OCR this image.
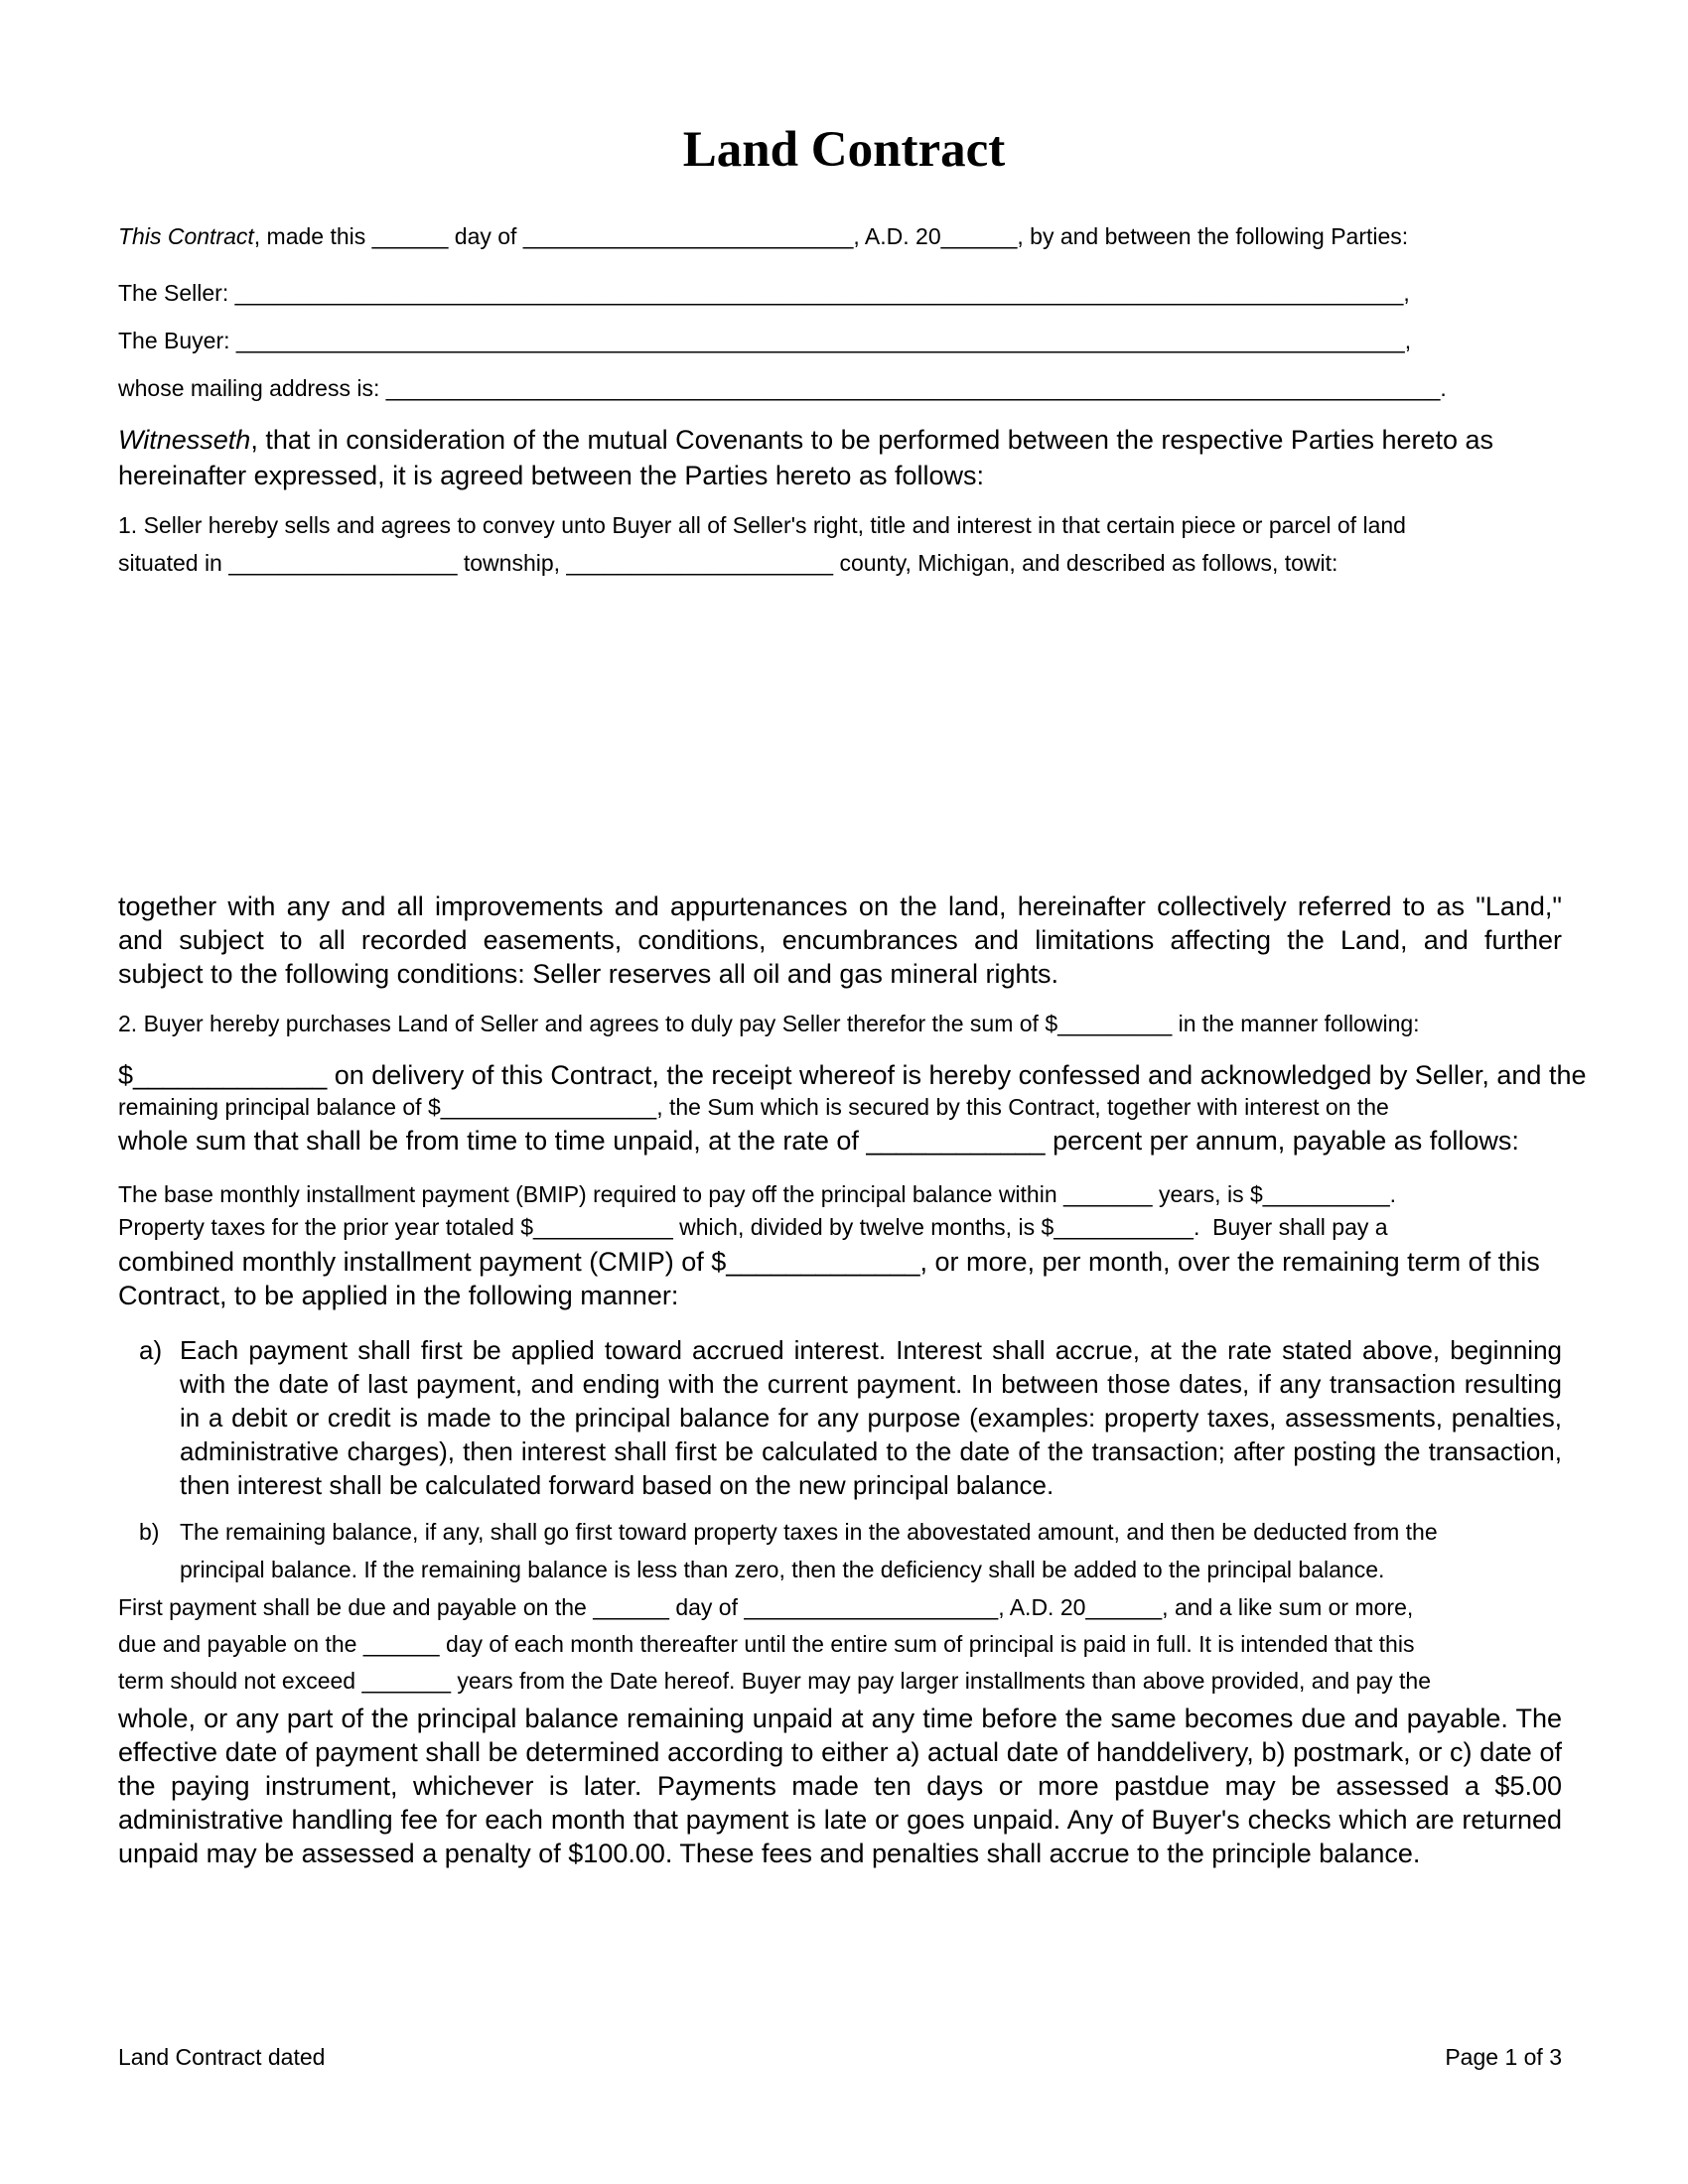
Land Contract
This Contract, made this ______ day of __________________________, A.D. 20______, by and between the following Parties:
The Seller: ____________________________________________________________________________________________,
The Buyer: ____________________________________________________________________________________________,
whose mailing address is: ___________________________________________________________________________________.
Witnesseth, that in consideration of the mutual Covenants to be performed between the respective Parties hereto as
hereinafter expressed, it is agreed between the Parties hereto as follows:
1. Seller hereby sells and agrees to convey unto Buyer all of Seller's right, title and interest in that certain piece or parcel of land
situated in __________________ township, _____________________ county, Michigan, and described as follows, towit:
together with any and all improvements and appurtenances on the land, hereinafter collectively referred to as "Land,"
and subject to all recorded easements, conditions, encumbrances and limitations affecting the Land, and further
subject to the following conditions: Seller reserves all oil and gas mineral rights.
2. Buyer hereby purchases Land of Seller and agrees to duly pay Seller therefor the sum of $_________ in the manner following:
$_____________ on delivery of this Contract, the receipt whereof is hereby confessed and acknowledged by Seller, and the
remaining principal balance of $_________________, the Sum which is secured by this Contract, together with interest on the
whole sum that shall be from time to time unpaid, at the rate of ____________ percent per annum, payable as follows:
The base monthly installment payment (BMIP) required to pay off the principal balance within _______ years, is $__________.
Property taxes for the prior year totaled $___________ which, divided by twelve months, is $___________.  Buyer shall pay a
combined monthly installment payment (CMIP) of $_____________, or more, per month, over the remaining term of this
Contract, to be applied in the following manner:
a) Each payment shall first be applied toward accrued interest. Interest shall accrue, at the rate stated above, beginning
with the date of last payment, and ending with the current payment. In between those dates, if any transaction resulting
in a debit or credit is made to the principal balance for any purpose (examples: property taxes, assessments, penalties,
administrative charges), then interest shall first be calculated to the date of the transaction; after posting the transaction,
then interest shall be calculated forward based on the new principal balance.
b) The remaining balance, if any, shall go first toward property taxes in the abovestated amount, and then be deducted from the
principal balance. If the remaining balance is less than zero, then the deficiency shall be added to the principal balance.
First payment shall be due and payable on the ______ day of ____________________, A.D. 20______, and a like sum or more,
due and payable on the ______ day of each month thereafter until the entire sum of principal is paid in full. It is intended that this
term should not exceed _______ years from the Date hereof. Buyer may pay larger installments than above provided, and pay the
whole, or any part of the principal balance remaining unpaid at any time before the same becomes due and payable. The
effective date of payment shall be determined according to either a) actual date of handdelivery, b) postmark, or c) date of
the paying instrument, whichever is later. Payments made ten days or more pastdue may be assessed a $5.00
administrative handling fee for each month that payment is late or goes unpaid. Any of Buyer's checks which are returned
unpaid may be assessed a penalty of $100.00. These fees and penalties shall accrue to the principle balance.
Land Contract dated	Page 1 of 3
